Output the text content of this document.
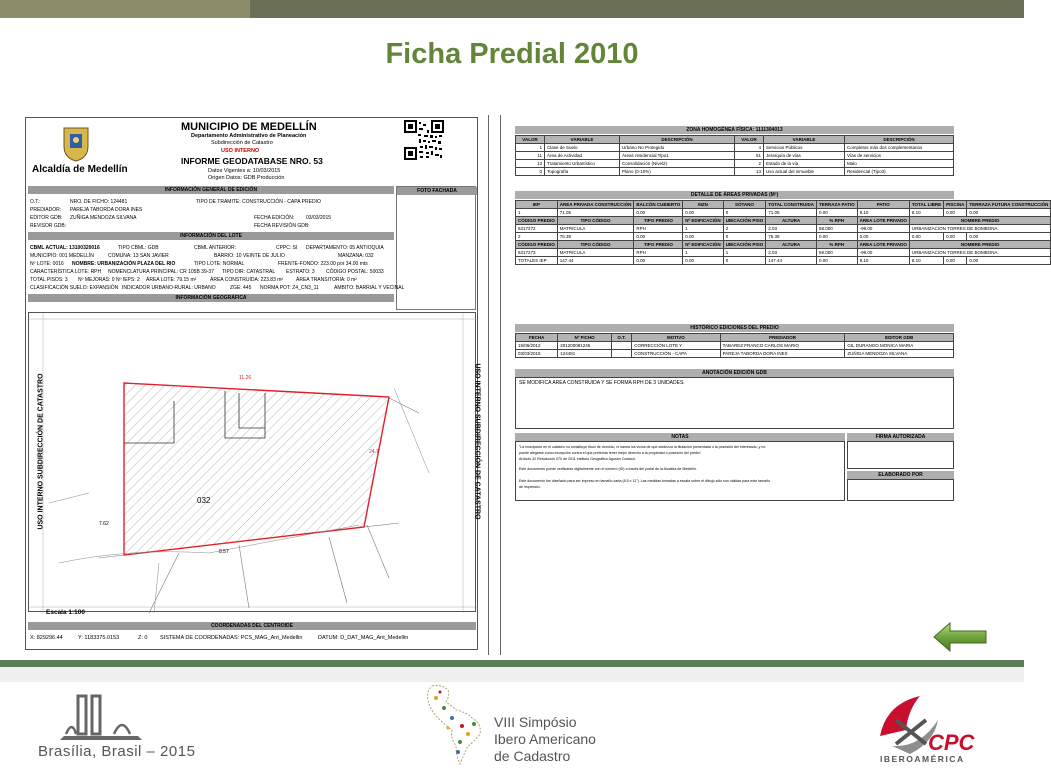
Ficha Predial 2010
Alcaldía de Medellín
MUNICIPIO DE MEDELLÍN
Departamento Administrativo de Planeación
Subdirección de Catastro
USO INTERNO
INFORME GEODATABASE NRO. 53
Datos Vigentes a: 10/03/2015
Origen Datos: GDB Producción
FOTO FACHADA
INFORMACIÓN GENERAL DE EDICIÓN
O.T.:	NRO. DE FICHO: 124481	TIPO DE TRÁMITE: CONSTRUCCIÓN - CAPA PREDIO
PREDIADOR: PAREJA TABORDA DORA INES
EDITOR GDB: ZUÑIGA MENDOZA SILVANA	FECHA EDICIÓN: 03/03/2015
REVISOR GDB:	FECHA REVISIÓN GDB:
INFORMACIÓN DEL LOTE
CBML ACTUAL: 13100320016	TIPO CBML: GDB	CBML ANTERIOR:	CPPC: SI DEPARTAMENTO: 05 ANTIOQUIA
MUNICIPIO: 001 MEDELLÍN	COMUNA: 13 SAN JAVIER	BARRIO: 10 VEINTE DE JULIO	MANZANA: 032
Nº LOTE: 0016 NOMBRE: URBANIZACIÓN PLAZA DEL RIO	TIPO LOTE: NORMAL	FRENTE-FONDO: 223.00 por 34.00 mts
CARACTERÍSTICA LOTE: RPH NOMENCLATURA PRINCIPAL: CR 105B 39-37 TIPO DIR: CATASTRAL ESTRATO: 3 CÓDIGO POSTAL: 50033
TOTAL PISOS: 3 Nº MEJORAS: 0 Nº IEPS: 2 ÁREA LOTE: 79.15 m²	ÁREA CONSTRUIDA: 223.83 m²	ÁREA TRANSITORIA: 0 m²
CLASIFICACIÓN SUELO: EXPANSIÓN INDICADOR URBANO-RURAL: URBANO	ZGE: 445 NORMA POT: Z4_CN3_11	AMBITO: BARRIAL Y VECINAL
INFORMACIÓN GEOGRÁFICA
032
11.26
7.62
24.7
8.57
USO INTERNO SUBDIRECCIÓN DE CATASTRO	USO INTERNO SUBDIRECCIÓN DE CATASTRO
Escala 1:100
COORDENADAS DEL CENTROIDE
X: 829296.44	Y: 1183375.0153	Z: 0 SISTEMA DE COORDENADAS: PCS_MAG_Ant_Medellin	DATUM: D_DAT_MAG_Ant_Medellin
ZONA HOMOGÉNEA FÍSICA: 1111304013
VALOR	VARIABLE	DESCRIPCIÓN	VALOR	VARIABLE	DESCRIPCIÓN
1	Clase de Suelo	Urbano No Protegido	4	Servicios Públicos	Completos más dos complementarios
11	Área de Actividad	Áreas residencial Tipo1	61	Jerarquía de vías	Vías de servicios
13	Tratamiento Urbanístico	Consolidación (Nivel2)	2	Estado de la vía	Malo
0	Topografía	Plano (0-10%)	13	Uso actual del inmueble	Residencial (Tipo3)
DETALLE DE ÁREAS PRIVADAS (M²)
IEP	ÁREA PRIVADA CONSTRUCCIÓN	BALCÓN CUBIERTO	MZN	SÓTANO	TOTAL CONSTRUIDA	TERRAZA PATIO	PATIO	TOTAL LIBRE	PISCINA	TERRAZA FUTURA CONSTRUCCIÓN
1	71.05	0.00	0.00	0	71.05	0.00	8.10	8.10	0.00	0.00
CÓDIGO PREDIO	TIPO CÓDIGO	TIPO PREDIO	Nº EDIFICACIÓN	UBICACIÓN PISO	ALTURA	% RPH	ÁREA LOTE PRIVADO	NOMBRE PREDIO		
5317272	MATRICULA	RPH	1	2	2.03	58.000	-99.00	URBANIZACION TORRES DE BOMBONA		
2	76.39	0.00	0.00	0	76.39	0.00	0.00	0.00	0.00	0.00
CÓDIGO PREDIO	TIPO CÓDIGO	TIPO PREDIO	Nº EDIFICACIÓN	UBICACIÓN PISO	ALTURA	% RPH	ÁREA LOTE PRIVADO	NOMBRE PREDIO		
5317273	MATRICULA	RPH	1	1	2.03	59.000	-99.00	URBANIZACION TORRES DE BOMBONA		
TOTALES IEP	147.44	0.00	0.00	0	147.44	0.00	8.10	8.10	0.00	0.00
HISTÓRICO EDICIONES DEL PREDIO
FECHA	Nº FICHO	O.T.	MOTIVO	PREDIADOR	EDITOR GDB
15/06/2012	201200081245		CORRECCIÓN LOTE Y	TABAREZ FRANCO CARLOS MARIO	GIL DURANGO MONICA MARIA
03/03/2015	124481		CONSTRUCCIÓN - CAPA	PAREJA TABORDA DORA INES	ZUÑIGA MENDOZA SILVANA
ANOTACIÓN EDICIÓN GDB
SE MODIFICA AREA CONSTRUIDA Y SE FORMA RPH DE 3 UNIDADES.
NOTAS
"La inscripción en el catastro no constituye título de dominio, ni sanea los vicios de que adolezca la titulación presentada o la posesión del interesado, y no
puede alegarse como excepción contra el que pretenda tener mejor derecho a la propiedad o posesión del predio".
Artículo 42 Resolución 070 de 2011 Instituto Geográfico Agustín Codazzi.
Este documento puede verificarse digitalmente con el número (ID) a través del portal de la Alcaldía de Medellín.
Este documento fue diseñado para ser impreso en tamaño carta (8.5 x 11"). Las medidas tomadas a escala sobre el dibujo sólo son válidas para este tamaño
de impresión.
FIRMA AUTORIZADA
ELABORADO POR
Brasília, Brasil – 2015
VIII Simpósio
Ibero Americano
de Cadastro
CPC
IBEROAMÉRICA
